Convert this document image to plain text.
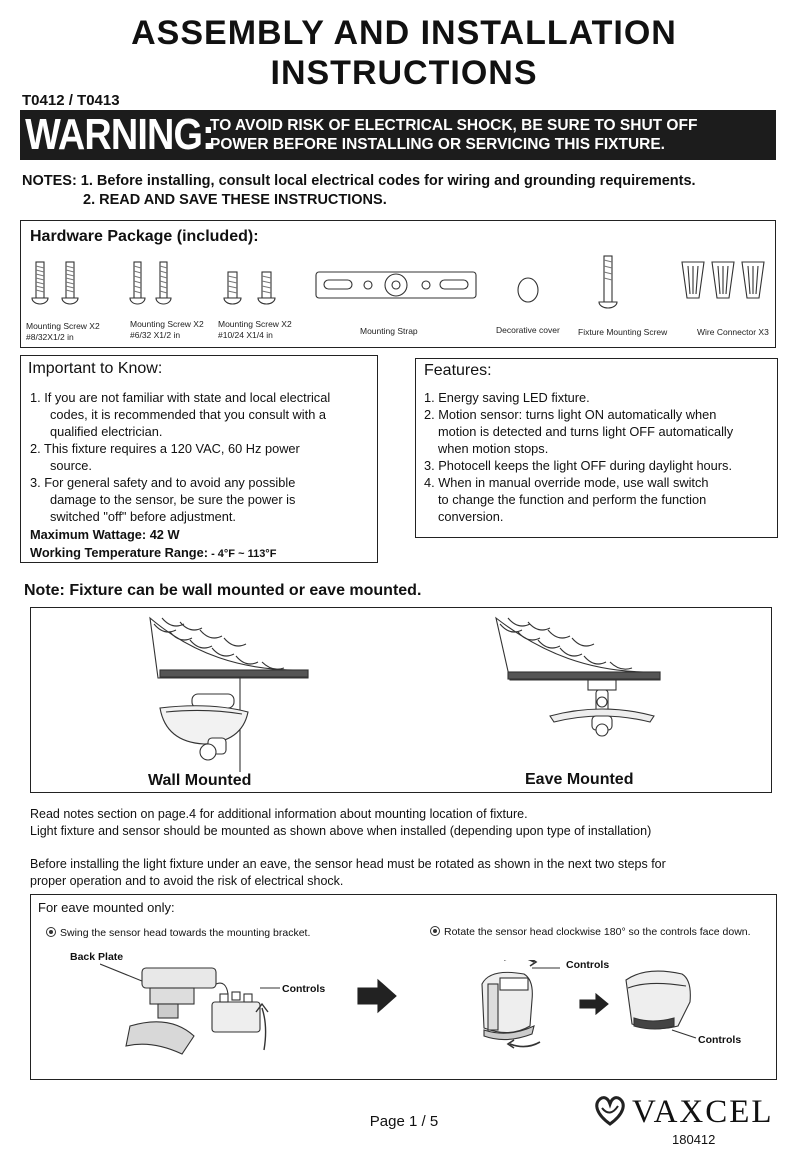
ASSEMBLY AND INSTALLATION
INSTRUCTIONS
T0412 / T0413
WARNING:
TO AVOID RISK OF ELECTRICAL SHOCK, BE SURE TO SHUT OFF
POWER BEFORE INSTALLING OR SERVICING THIS FIXTURE.
NOTES: 1. Before installing, consult local electrical codes for wiring and grounding requirements.
2. READ AND SAVE THESE INSTRUCTIONS.
Hardware Package (included):
Mounting Screw X2
#8/32X1/2 in
Mounting Screw X2
#6/32 X1/2 in
Mounting Screw X2
#10/24 X1/4 in	Mounting Strap	Decorative cover Fixture Mounting Screw	Wire Connector X3
Important to Know:
1. If you are not familiar with state and local electrical
codes, it is recommended that you consult with a
qualified electrician.
2. This fixture requires a 120 VAC, 60 Hz power
source.
3. For general safety and to avoid any possible
damage to the sensor, be sure the power is
switched "off" before adjustment.
Maximum Wattage: 42 W
Working Temperature Range: - 4°F ~ 113°F
Features:
1. Energy saving LED fixture.
2. Motion sensor: turns light ON automatically when
motion is detected and turns light OFF automatically
when motion stops.
3. Photocell keeps the light OFF during daylight hours.
4. When in manual override mode, use wall switch
to change the function and perform the function
conversion.
Note: Fixture can be wall mounted or eave mounted.
Wall Mounted	Eave Mounted
Read notes section on page.4 for additional information about mounting location of fixture.
Light fixture and sensor should be mounted as shown above when installed (depending upon type of installation)
Before installing the light fixture under an eave, the sensor head must be rotated as shown in the next two steps for
proper operation and to avoid the risk of electrical shock.
For eave mounted only:
Swing the sensor head towards the mounting bracket.	Rotate the sensor head clockwise 180° so the controls face down.
Back Plate
Controls
Controls
Controls
Page 1 / 5	VAXCEL
180412
